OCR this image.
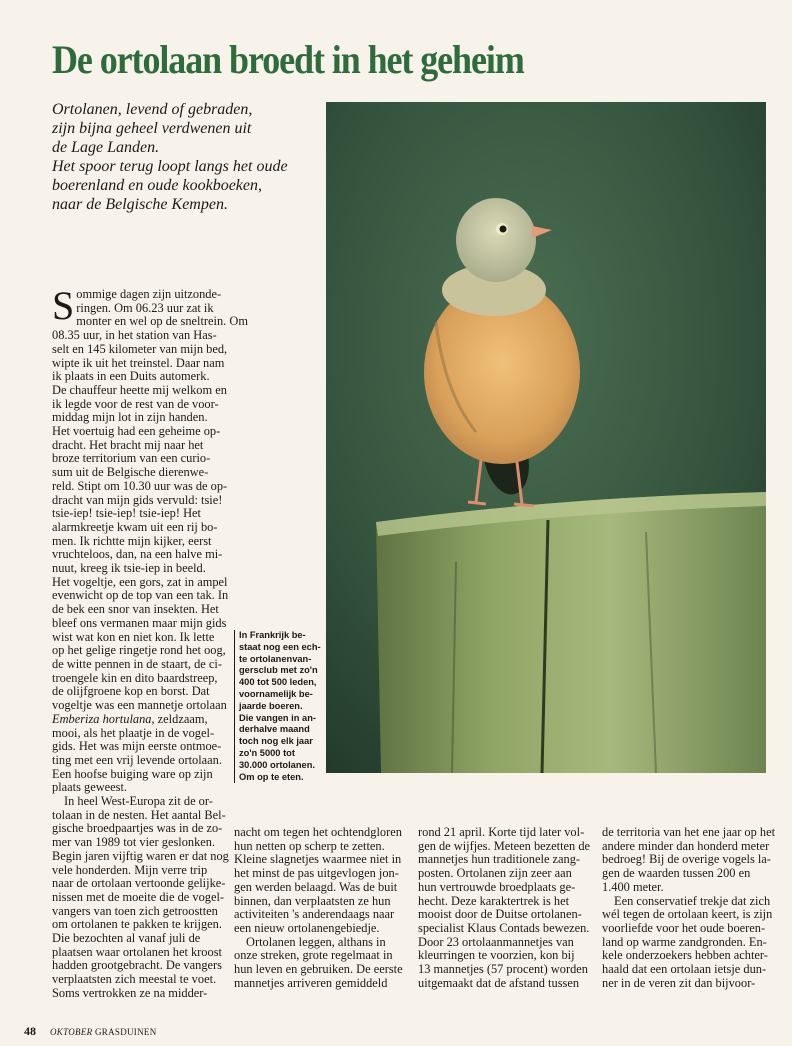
De ortolaan broedt in het geheim
Ortolanen, levend of gebraden,
zijn bijna geheel verdwenen uit
de Lage Landen.
Het spoor terug loopt langs het oude
boerenland en oude kookboeken,
naar de Belgische Kempen.
In Frankrijk be-
staat nog een ech-
te ortolanenvan-
gersclub met zo'n
400 tot 500 leden,
voornamelijk be-
jaarde boeren.
Die vangen in an-
derhalve maand
toch nog elk jaar
zo'n 5000 tot
30.000 ortolanen.
Om op te eten.
S ommige dagen zijn uitzonde-
ringen. Om 06.23 uur zat ik
monter en wel op de sneltrein. Om
08.35 uur, in het station van Has-
selt en 145 kilometer van mijn bed,
wipte ik uit het treinstel. Daar nam
ik plaats in een Duits automerk.
De chauffeur heette mij welkom en
ik legde voor de rest van de voor-
middag mijn lot in zijn handen.
Het voertuig had een geheime op-
dracht. Het bracht mij naar het
broze territorium van een curio-
sum uit de Belgische dierenwe-
reld. Stipt om 10.30 uur was de op-
dracht van mijn gids vervuld: tsie!
tsie-iep! tsie-iep! tsie-iep! Het
alarmkreetje kwam uit een rij bo-
men. Ik richtte mijn kijker, eerst
vruchteloos, dan, na een halve mi-
nuut, kreeg ik tsie-iep in beeld.
Het vogeltje, een gors, zat in ampel
evenwicht op de top van een tak. In
de bek een snor van insekten. Het
bleef ons vermanen maar mijn gids
wist wat kon en niet kon. Ik lette
op het gelige ringetje rond het oog,
de witte pennen in de staart, de ci-
troengele kin en dito baardstreep,
de olijfgroene kop en borst. Dat
vogeltje was een mannetje ortolaan
Emberiza hortulana, zeldzaam,
mooi, als het plaatje in de vogel-
gids. Het was mijn eerste ontmoe-
ting met een vrij levende ortolaan.
Een hoofse buiging ware op zijn
plaats geweest.
In heel West-Europa zit de or-
tolaan in de nesten. Het aantal Bel-
gische broedpaartjes was in de zo-
mer van 1989 tot vier geslonken.
Begin jaren vijftig waren er dat nog
vele honderden. Mijn verre trip
naar de ortolaan vertoonde gelijke-
nissen met de moeite die de vogel-
vangers van toen zich getroostten
om ortolanen te pakken te krijgen.
Die bezochten al vanaf juli de
plaatsen waar ortolanen het kroost
hadden grootgebracht. De vangers
verplaatsten zich meestal te voet.
Soms vertrokken ze na midder-
nacht om tegen het ochtendgloren
hun netten op scherp te zetten.
Kleine slagnetjes waarmee niet in
het minst de pas uitgevlogen jon-
gen werden belaagd. Was de buit
binnen, dan verplaatsten ze hun
activiteiten 's anderendaags naar
een nieuw ortolanengebiedje.
Ortolanen leggen, althans in
onze streken, grote regelmaat in
hun leven en gebruiken. De eerste
mannetjes arriveren gemiddeld
rond 21 april. Korte tijd later vol-
gen de wijfjes. Meteen bezetten de
mannetjes hun traditionele zang-
posten. Ortolanen zijn zeer aan
hun vertrouwde broedplaats ge-
hecht. Deze karaktertrek is het
mooist door de Duitse ortolanen-
specialist Klaus Contads bewezen.
Door 23 ortolaanmannetjes van
kleurringen te voorzien, kon bij
13 mannetjes (57 procent) worden
uitgemaakt dat de afstand tussen
de territoria van het ene jaar op het
andere minder dan honderd meter
bedroeg! Bij de overige vogels la-
gen de waarden tussen 200 en
1.400 meter.
Een conservatief trekje dat zich
wél tegen de ortolaan keert, is zijn
voorliefde voor het oude boeren-
land op warme zandgronden. En-
kele onderzoekers hebben achter-
haald dat een ortolaan ietsje dun-
ner in de veren zit dan bijvoor-
48 OKTOBER GRASDUINEN
